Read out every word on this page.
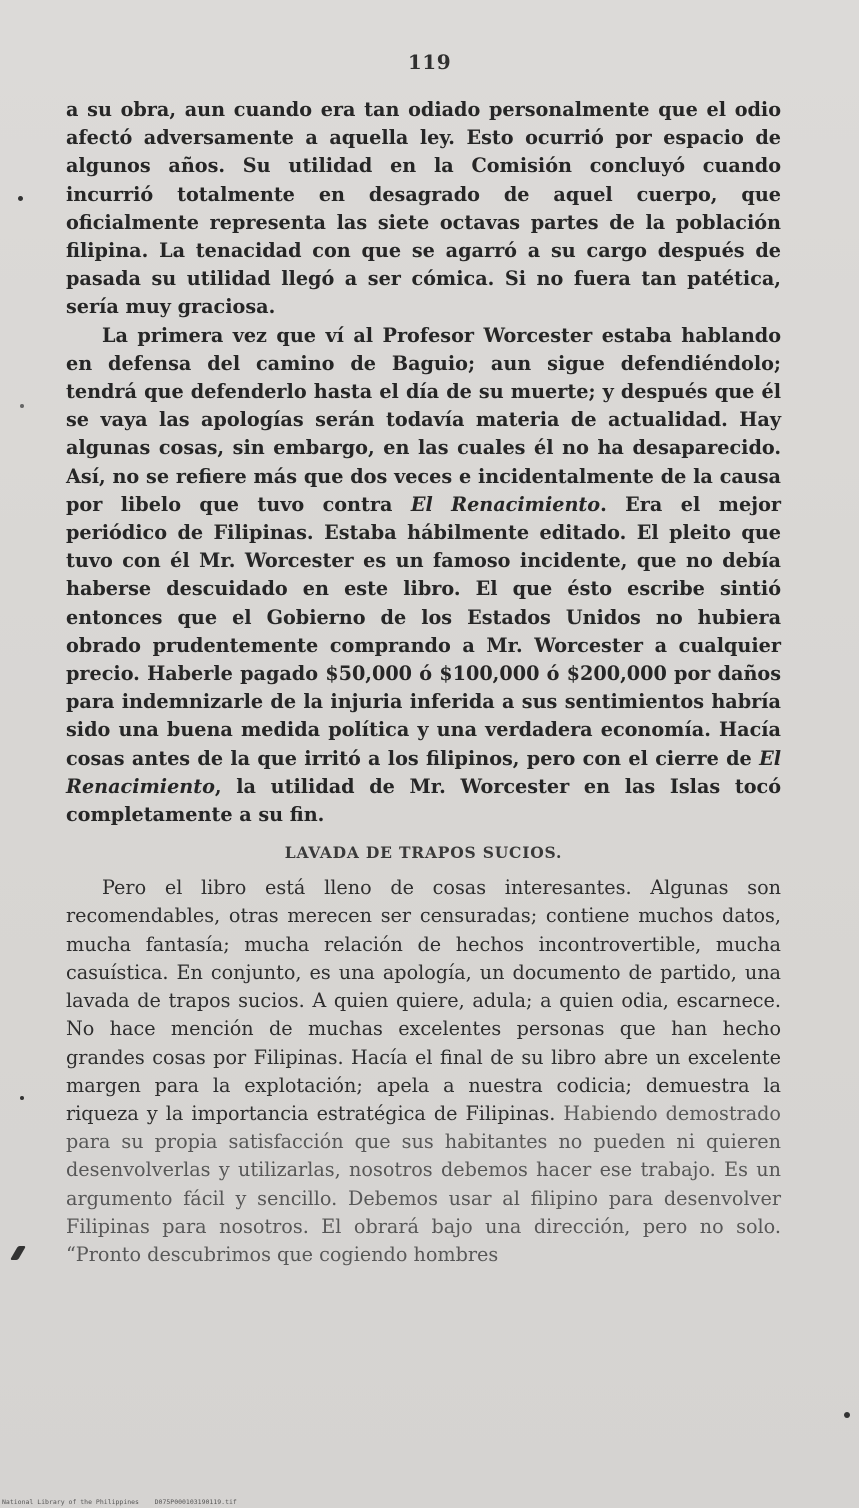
119

a su obra, aun cuando era tan odiado personalmente que el odio afectó adversamente a aquella ley. Esto ocurrió por espacio de algunos años. Su utilidad en la Comisión concluyó cuando incurrió totalmente en desagrado de aquel cuerpo, que oficialmente representa las siete octavas partes de la población filipina. La tenacidad con que se agarró a su cargo después de pasada su utilidad llegó a ser cómica. Si no fuera tan patética, sería muy graciosa.

La primera vez que ví al Profesor Worcester estaba hablando en defensa del camino de Baguio; aun sigue defendiéndolo; tendrá que defenderlo hasta el día de su muerte; y después que él se vaya las apologías serán todavía materia de actualidad. Hay algunas cosas, sin embargo, en las cuales él no ha desaparecido. Así, no se refiere más que dos veces e incidentalmente de la causa por libelo que tuvo contra El Renacimiento. Era el mejor periódico de Filipinas. Estaba hábilmente editado. El pleito que tuvo con él Mr. Worcester es un famoso incidente, que no debía haberse descuidado en este libro. El que ésto escribe sintió entonces que el Gobierno de los Estados Unidos no hubiera obrado prudentemente comprando a Mr. Worcester a cualquier precio. Haberle pagado $50,000 ó $100,000 ó $200,000 por daños para indemnizarle de la injuria inferida a sus sentimientos habría sido una buena medida política y una verdadera economía. Hacía cosas antes de la que irritó a los filipinos, pero con el cierre de El Renacimiento, la utilidad de Mr. Worcester en las Islas tocó completamente a su fin.

LAVADA DE TRAPOS SUCIOS.

Pero el libro está lleno de cosas interesantes. Algunas son recomendables, otras merecen ser censuradas; contiene muchos datos, mucha fantasía; mucha relación de hechos incontrovertible, mucha casuística. En conjunto, es una apología, un documento de partido, una lavada de trapos sucios. A quien quiere, adula; a quien odia, escarnece. No hace mención de muchas excelentes personas que han hecho grandes cosas por Filipinas. Hacía el final de su libro abre un excelente margen para la explotación; apela a nuestra codicia; demuestra la riqueza y la importancia estratégica de Filipinas. Habiendo demostrado para su propia satisfacción que sus habitantes no pueden ni quieren desenvolverlas y utilizarlas, nosotros debemos hacer ese trabajo. Es un argumento fácil y sencillo. Debemos usar al filipino para desenvolver Filipinas para nosotros. El obrará bajo una dirección, pero no solo. “Pronto descubrimos que cogiendo hombres

National Library of the Philippines D075P000103190119.tif
